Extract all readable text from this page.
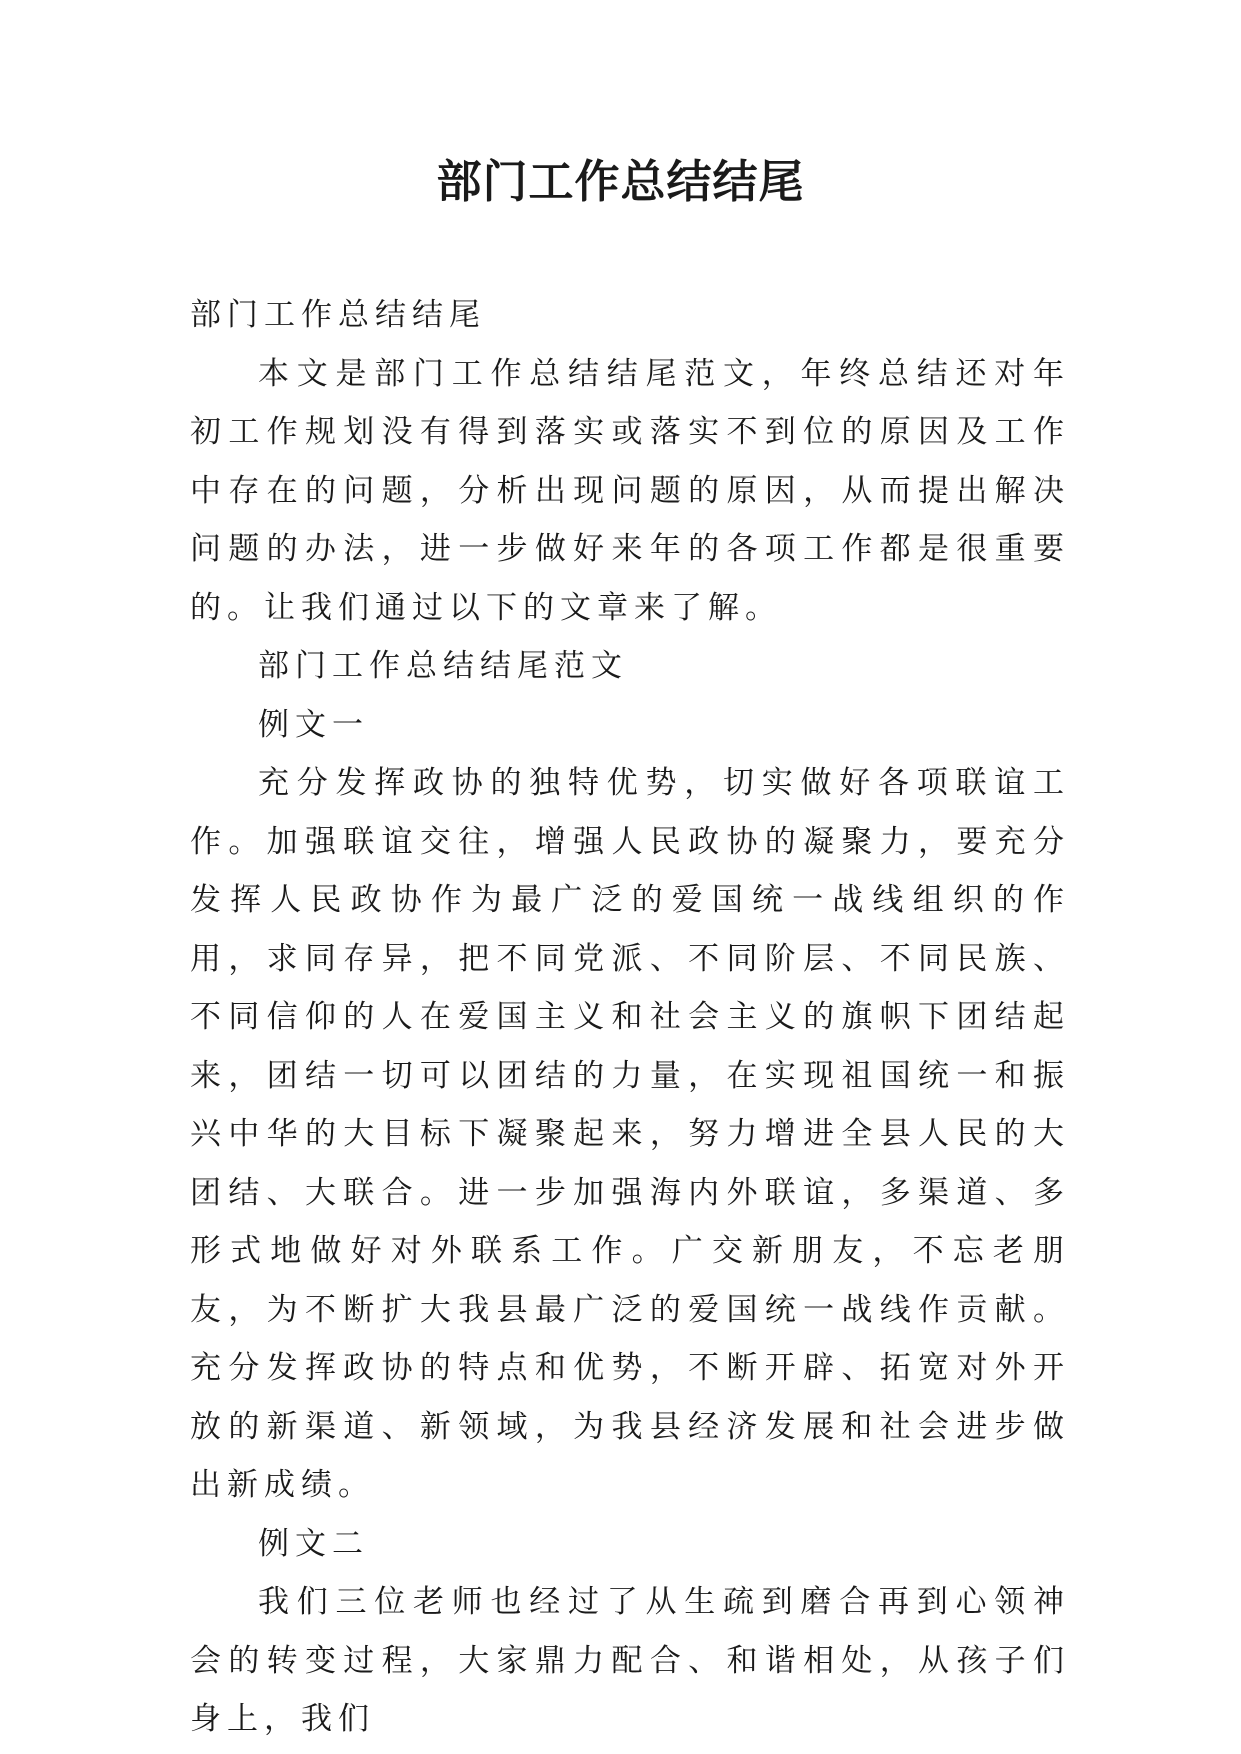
部门工作总结结尾

部门工作总结结尾

本文是部门工作总结结尾范文，年终总结还对年初工作规划没有得到落实或落实不到位的原因及工作中存在的问题，分析出现问题的原因，从而提出解决问题的办法，进一步做好来年的各项工作都是很重要的。让我们通过以下的文章来了解。

部门工作总结结尾范文

例文一

充分发挥政协的独特优势，切实做好各项联谊工作。加强联谊交往，增强人民政协的凝聚力，要充分发挥人民政协作为最广泛的爱国统一战线组织的作用，求同存异，把不同党派、不同阶层、不同民族、不同信仰的人在爱国主义和社会主义的旗帜下团结起来，团结一切可以团结的力量，在实现祖国统一和振兴中华的大目标下凝聚起来，努力增进全县人民的大团结、大联合。进一步加强海内外联谊，多渠道、多形式地做好对外联系工作。广交新朋友，不忘老朋友，为不断扩大我县最广泛的爱国统一战线作贡献。充分发挥政协的特点和优势，不断开辟、拓宽对外开放的新渠道、新领域，为我县经济发展和社会进步做出新成绩。

例文二

我们三位老师也经过了从生疏到磨合再到心领神会的转变过程，大家鼎力配合、和谐相处，从孩子们身上，我们
